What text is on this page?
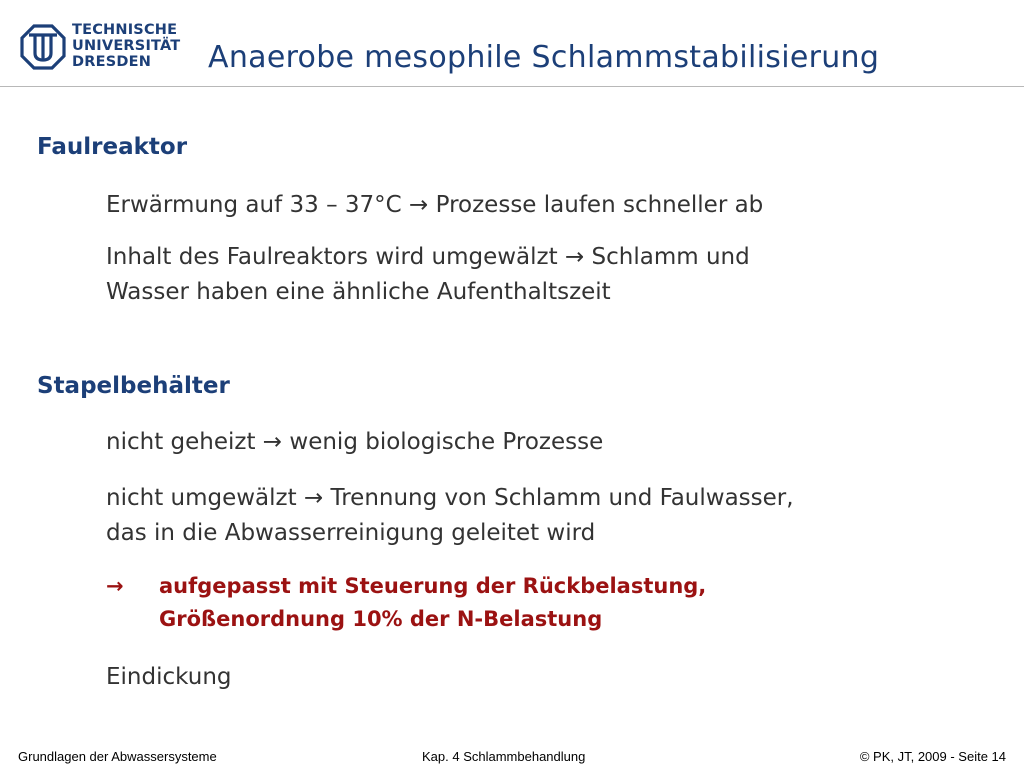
TECHNISCHE
UNIVERSITÄT
DRESDEN	Anaerobe mesophile Schlammstabilisierung
Faulreaktor
Erwärmung auf 33 – 37°C → Prozesse laufen schneller ab
Inhalt des Faulreaktors wird umgewälzt → Schlamm und
Wasser haben eine ähnliche Aufenthaltszeit
Stapelbehälter
nicht geheizt → wenig biologische Prozesse
nicht umgewälzt → Trennung von Schlamm und Faulwasser,
das in die Abwasserreinigung geleitet wird
→ aufgepasst mit Steuerung der Rückbelastung,
Größenordnung 10% der N-Belastung
Eindickung
Grundlagen der Abwassersysteme	Kap. 4 Schlammbehandlung	© PK, JT, 2009 - Seite 14
